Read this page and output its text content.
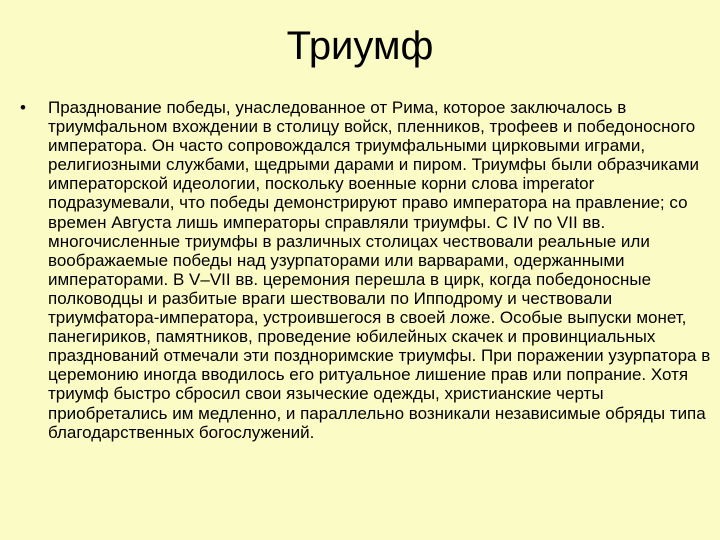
Триумф
•	Празднование победы, унаследованное от Рима, которое заключалось в триумфальном вхождении в столицу войск, пленников, трофеев и победоносного императора. Он часто сопровождался триумфальными цирковыми играми, религиозными службами, щедрыми дарами и пиром. Триумфы были образчиками императорской идеологии, поскольку военные корни слова imperator подразумевали, что победы демонстрируют право императора на правление; со времен Августа лишь императоры справляли триумфы. С IV по VII вв. многочисленные триумфы в различных столицах чествовали реальные или воображаемые победы над узурпаторами или варварами, одержанными императорами. В V–VII вв. церемония перешла в цирк, когда победоносные полководцы и разбитые враги шествовали по Ипподрому и чествовали триумфатора-императора, устроившегося в своей ложе. Особые выпуски монет, панегириков, памятников, проведение юбилейных скачек и провинциальных празднований отмечали эти поздноримские триумфы. При поражении узурпатора в церемонию иногда вводилось его ритуальное лишение прав или попрание. Хотя триумф быстро сбросил свои языческие одежды, христианские черты приобретались им медленно, и параллельно возникали независимые обряды типа благодарственных богослужений.
